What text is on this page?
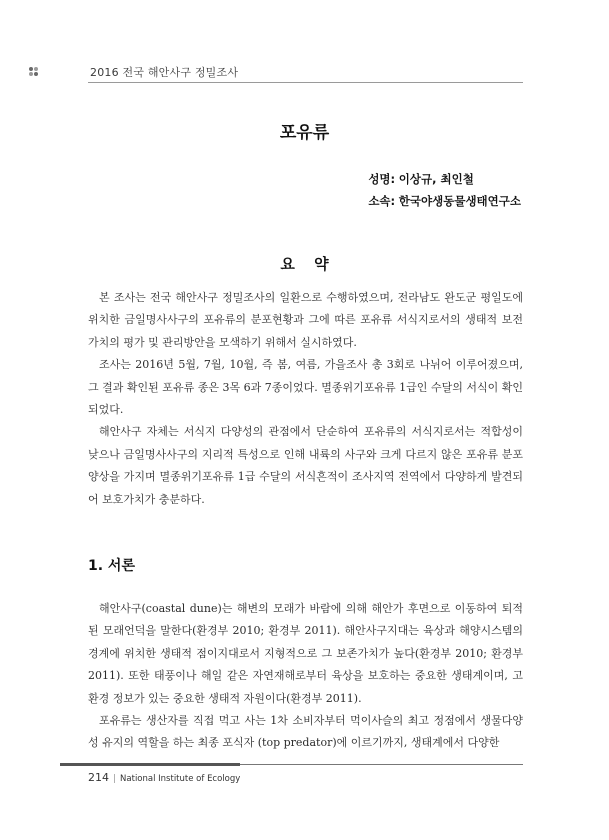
2016 전국 해안사구 정밀조사
포유류
성명: 이상규, 최인철
소속: 한국야생동물생태연구소
요 약

본 조사는 전국 해안사구 정밀조사의 일환으로 수행하였으며, 전라남도 완도군 평일도에 위치한 금일명사사구의 포유류의 분포현황과 그에 따른 포유류 서식지로서의 생태적 보전가치의 평가 및 관리방안을 모색하기 위해서 실시하였다.

조사는 2016년 5월, 7월, 10월, 즉 봄, 여름, 가을조사 총 3회로 나뉘어 이루어졌으며, 그 결과 확인된 포유류 종은 3목 6과 7종이었다. 멸종위기포유류 1급인 수달의 서식이 확인되었다.

해안사구 자체는 서식지 다양성의 관점에서 단순하여 포유류의 서식지로서는 적합성이 낮으나 금일명사사구의 지리적 특성으로 인해 내륙의 사구와 크게 다르지 않은 포유류 분포 양상을 가지며 멸종위기포유류 1급 수달의 서식흔적이 조사지역 전역에서 다양하게 발견되어 보호가치가 충분하다.

1. 서론

해안사구(coastal dune)는 해변의 모래가 바람에 의해 해안가 후면으로 이동하여 퇴적된 모래언덕을 말한다(환경부 2010; 환경부 2011). 해안사구지대는 육상과 해양시스템의 경계에 위치한 생태적 점이지대로서 지형적으로 그 보존가치가 높다(환경부 2010; 환경부 2011). 또한 태풍이나 해일 같은 자연재해로부터 육상을 보호하는 중요한 생태계이며, 고환경 정보가 있는 중요한 생태적 자원이다(환경부 2011).

포유류는 생산자를 직접 먹고 사는 1차 소비자부터 먹이사슬의 최고 정점에서 생물다양성 유지의 역할을 하는 최종 포식자 (top predator)에 이르기까지, 생태계에서 다양한

214 | National Institute of Ecology
